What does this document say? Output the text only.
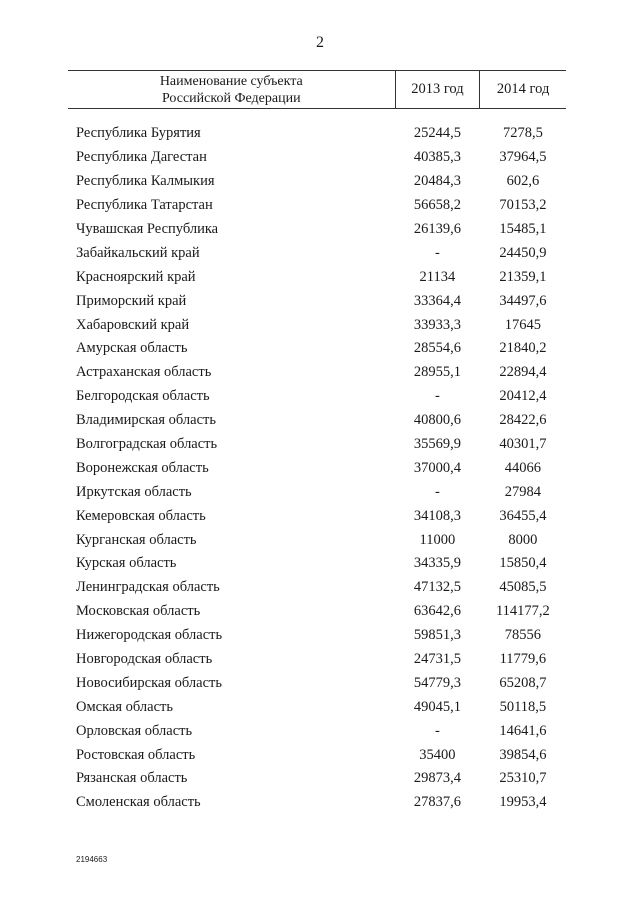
2
Наименование субъекта
Российской Федерации	2013 год	2014 год

Республика Бурятия	25244,5	7278,5
Республика Дагестан	40385,3	37964,5
Республика Калмыкия	20484,3	602,6
Республика Татарстан	56658,2	70153,2
Чувашская Республика	26139,6	15485,1
Забайкальский край	-	24450,9
Красноярский край	21134	21359,1
Приморский край	33364,4	34497,6
Хабаровский край	33933,3	17645
Амурская область	28554,6	21840,2
Астраханская область	28955,1	22894,4
Белгородская область	-	20412,4
Владимирская область	40800,6	28422,6
Волгоградская область	35569,9	40301,7
Воронежская область	37000,4	44066
Иркутская область	-	27984
Кемеровская область	34108,3	36455,4
Курганская область	11000	8000
Курская область	34335,9	15850,4
Ленинградская область	47132,5	45085,5
Московская область	63642,6	114177,2
Нижегородская область	59851,3	78556
Новгородская область	24731,5	11779,6
Новосибирская область	54779,3	65208,7
Омская область	49045,1	50118,5
Орловская область	-	14641,6
Ростовская область	35400	39854,6
Рязанская область	29873,4	25310,7
Смоленская область	27837,6	19953,4
2194663
